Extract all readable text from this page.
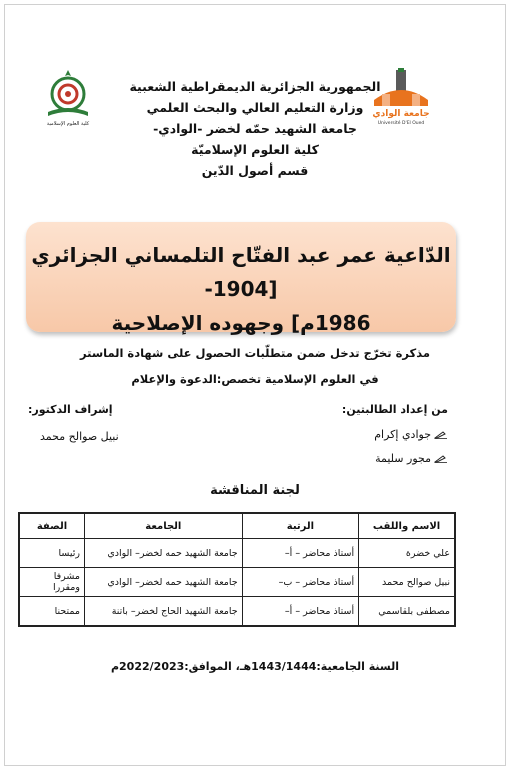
جامعة الوادي
Université D'El Oued
كلية العلوم الإسلامية
الجمهورية الجزائرية الديمقراطية الشعبية
وزارة التعليم العالي والبحث العلمي
جامعة الشهيد حمّه لخضر -الوادي-
كلية العلوم الإسلاميّة
قسم أصول الدّين
الدّاعية عمر عبد الفتّاح التلمساني الجزائري [1904-
1986م] وجهوده الإصلاحية
مذكرة تخرّج تدخل ضمن متطلّبات الحصول على شهادة الماستر
في العلوم الإسلامية تخصص:الدعوة والإعلام
من إعداد الطالبتين:
جوادي إكرام
مجور سليمة
إشراف الدكتور:
نبيل صوالح محمد
لجنة المناقشة
الاسم واللقب	الرتبة	الجامعة	الصفة
علي خضرة	أستاذ محاضر – أ–	جامعة الشهيد حمه لخضر– الوادي	رئيسا
نبيل صوالح محمد	أستاذ محاضر – ب–	جامعة الشهيد حمه لخضر– الوادي	مشرفا ومقررا
مصطفى بلقاسمي	أستاذ محاضر – أ–	جامعة الشهيد الحاج لخضر– باتنة	ممتحنا
السنة الجامعية:1443/1444هـ، الموافق:2022/2023م
